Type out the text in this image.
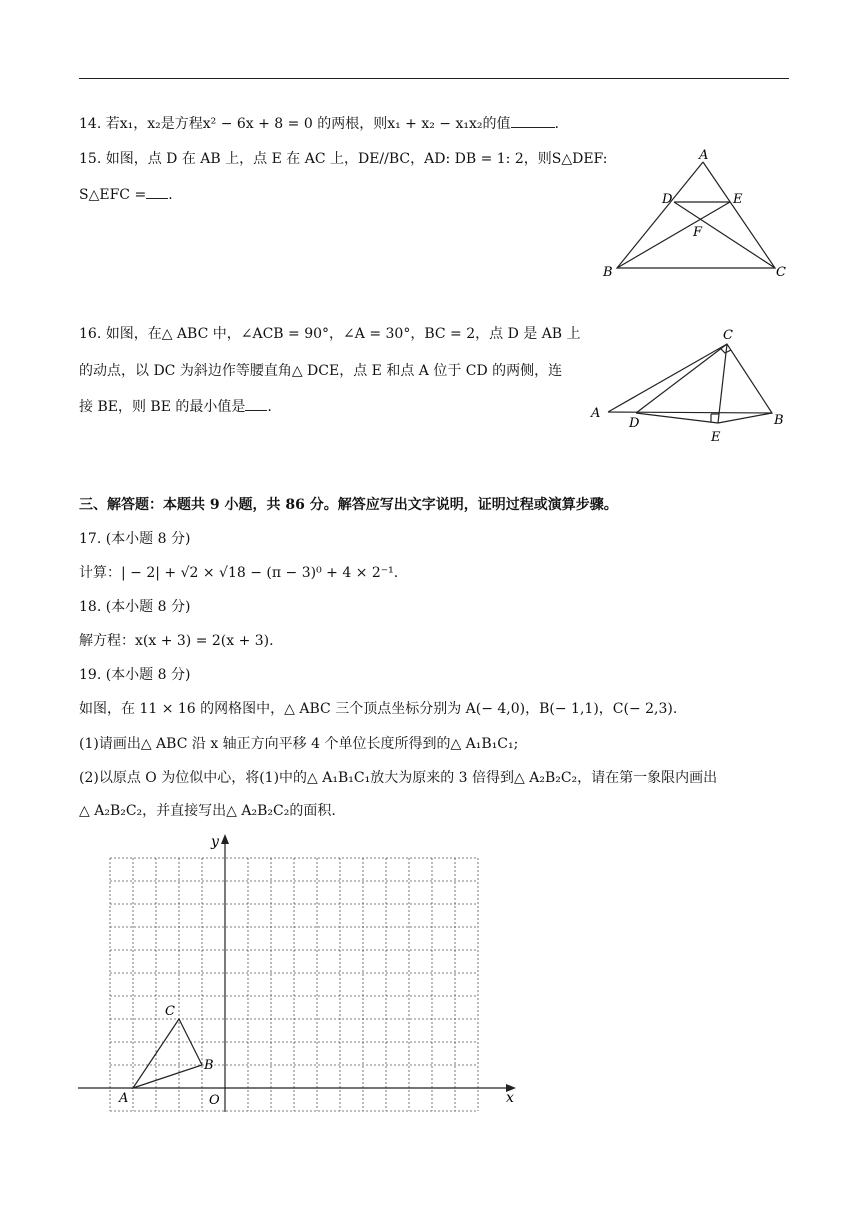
14. 若x₁，x₂是方程x² − 6x + 8 = 0 的两根，则x₁ + x₂ − x₁x₂的值	.
15. 如图，点 D 在 AB 上，点 E 在 AC 上，DE//BC，AD: DB = 1: 2，则S△DEF:
S△EFC = .
A
D	E
F
B	C
16. 如图，在△ ABC 中，∠ACB = 90°，∠A = 30°，BC = 2，点 D 是 AB 上
的动点，以 DC 为斜边作等腰直角△ DCE，点 E 和点 A 位于 CD 的两侧，连
接 BE，则 BE 的最小值是 .
C
A
D
E
B
三、解答题：本题共 9 小题，共 86 分。解答应写出文字说明，证明过程或演算步骤。
17. (本小题 8 分)
计算：| − 2| + √2 × √18 − (π − 3)⁰ + 4 × 2⁻¹.
18. (本小题 8 分)
解方程：x(x + 3) = 2(x + 3).
19. (本小题 8 分)
如图，在 11 × 16 的网格图中，△ ABC 三个顶点坐标分别为 A(− 4,0)，B(− 1,1)，C(− 2,3).
(1)请画出△ ABC 沿 x 轴正方向平移 4 个单位长度所得到的△ A₁B₁C₁;
(2)以原点 O 为位似中心，将(1)中的△ A₁B₁C₁放大为原来的 3 倍得到△ A₂B₂C₂，请在第一象限内画出
△ A₂B₂C₂，并直接写出△ A₂B₂C₂的面积.
x
y
O
A
B
C
